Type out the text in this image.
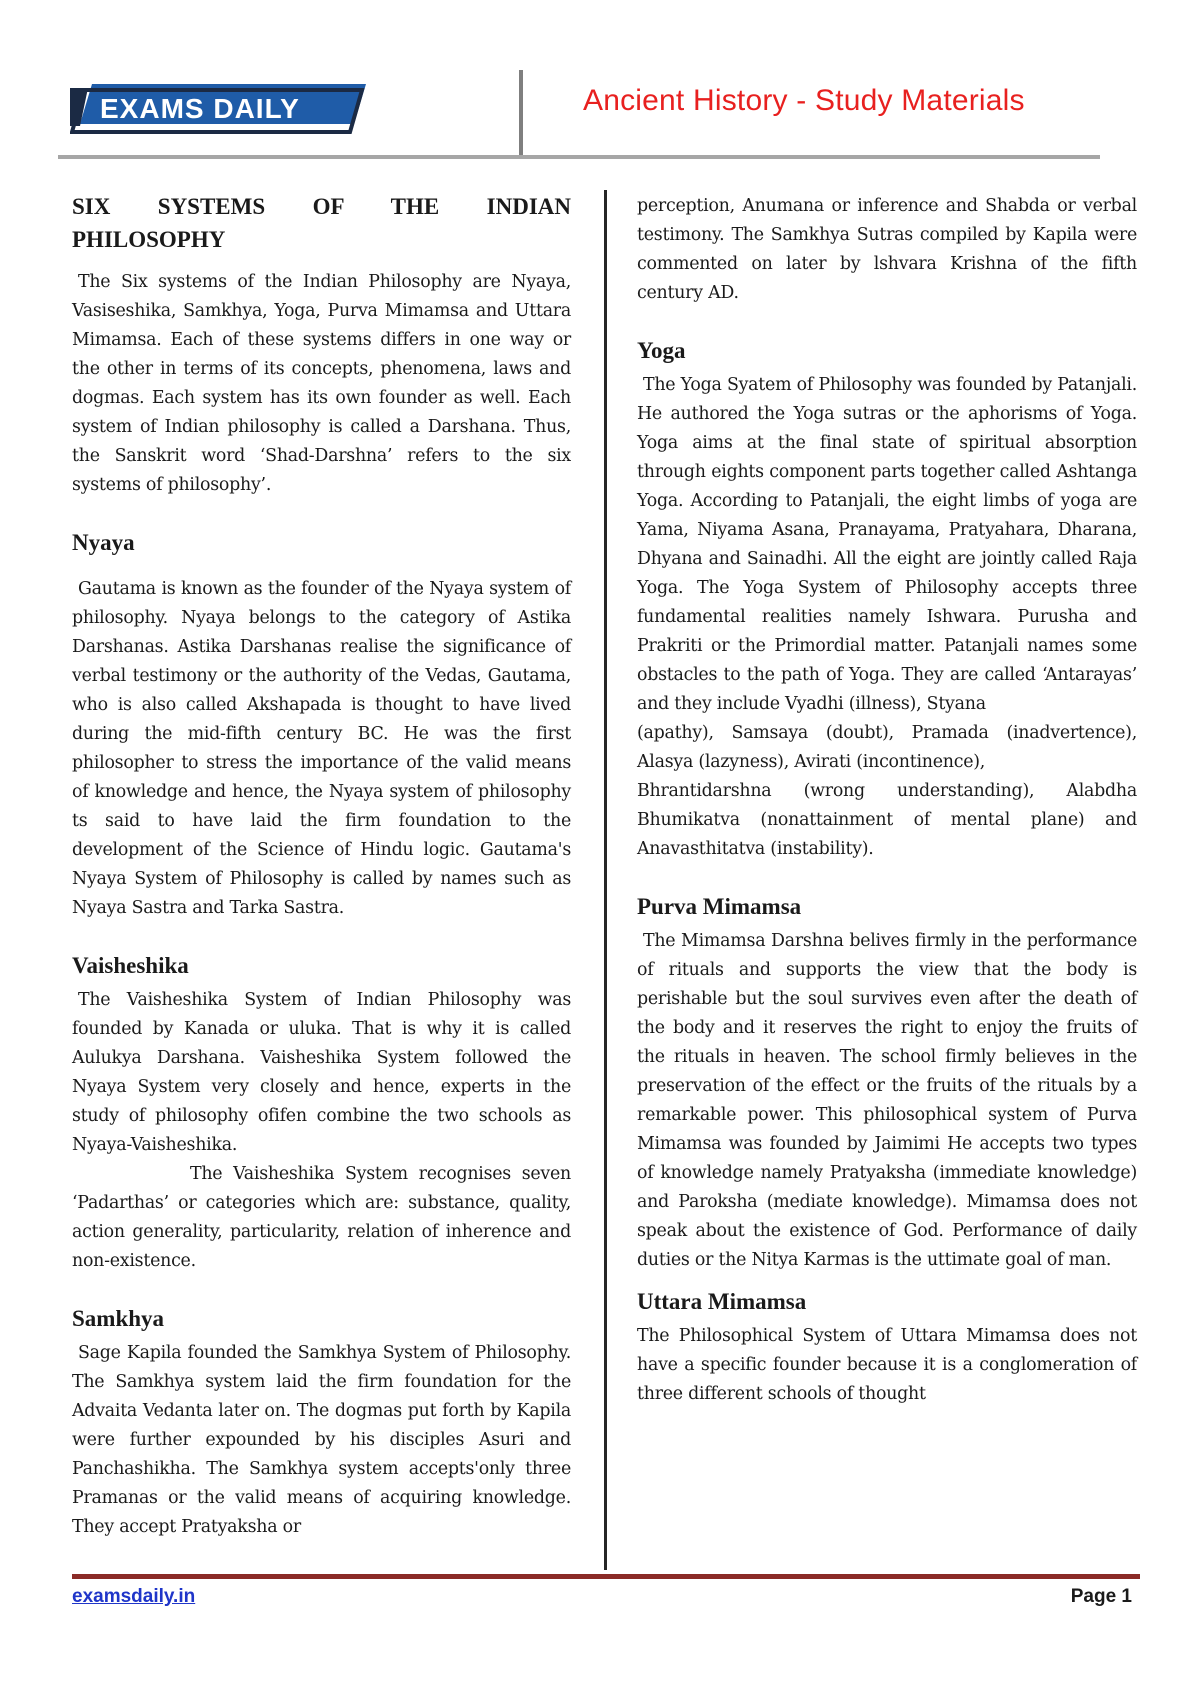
EXAMS DAILY	Ancient History - Study Materials
SIX SYSTEMS OF THE INDIAN PHILOSOPHY

The Six systems of the Indian Philosophy are Nyaya, Vasiseshika, Samkhya, Yoga, Purva Mimamsa and Uttara Mimamsa. Each of these systems differs in one way or the other in terms of its concepts, phenomena, laws and dogmas. Each system has its own founder as well. Each system of Indian philosophy is called a Darshana. Thus, the Sanskrit word ‘Shad-Darshna’ refers to the six systems of philosophy’.

Nyaya

Gautama is known as the founder of the Nyaya system of philosophy. Nyaya belongs to the category of Astika Darshanas. Astika Darshanas realise the significance of verbal testimony or the authority of the Vedas, Gautama, who is also called Akshapada is thought to have lived during the mid-fifth century BC. He was the first philosopher to stress the importance of the valid means of knowledge and hence, the Nyaya system of philosophy ts said to have laid the firm foundation to the development of the Science of Hindu logic. Gautama's Nyaya System of Philosophy is called by names such as Nyaya Sastra and Tarka Sastra.

Vaisheshika

The Vaisheshika System of Indian Philosophy was founded by Kanada or uluka. That is why it is called Aulukya Darshana. Vaisheshika System followed the Nyaya System very closely and hence, experts in the study of philosophy ofifen combine the two schools as Nyaya-Vaisheshika.

The Vaisheshika System recognises seven ‘Padarthas’ or categories which are: substance, quality, action generality, particularity, relation of inherence and non-existence.

Samkhya

Sage Kapila founded the Samkhya System of Philosophy. The Samkhya system laid the firm foundation for the Advaita Vedanta later on. The dogmas put forth by Kapila were further expounded by his disciples Asuri and Panchashikha. The Samkhya system accepts'only three Pramanas or the valid means of acquiring knowledge. They accept Pratyaksha or

perception, Anumana or inference and Shabda or verbal testimony. The Samkhya Sutras compiled by Kapila were commented on later by lshvara Krishna of the fifth century AD.

Yoga

The Yoga Syatem of Philosophy was founded by Patanjali. He authored the Yoga sutras or the aphorisms of Yoga. Yoga aims at the final state of spiritual absorption through eights component parts together called Ashtanga Yoga. According to Patanjali, the eight limbs of yoga are Yama, Niyama Asana, Pranayama, Pratyahara, Dharana, Dhyana and Sainadhi. All the eight are jointly called Raja Yoga. The Yoga System of Philosophy accepts three fundamental realities namely Ishwara. Purusha and Prakriti or the Primordial matter. Patanjali names some obstacles to the path of Yoga. They are called ‘Antarayas’ and they include Vyadhi (illness), Styana

(apathy), Samsaya (doubt), Pramada (inadvertence), Alasya (lazyness), Avirati (incontinence),

Bhrantidarshna (wrong understanding), Alabdha Bhumikatva (nonattainment of mental plane) and Anavasthitatva (instability).

Purva Mimamsa

The Mimamsa Darshna belives firmly in the performance of rituals and supports the view that the body is perishable but the soul survives even after the death of the body and it reserves the right to enjoy the fruits of the rituals in heaven. The school firmly believes in the preservation of the effect or the fruits of the rituals by a remarkable power. This philosophical system of Purva Mimamsa was founded by Jaimimi He accepts two types of knowledge namely Pratyaksha (immediate knowledge) and Paroksha (mediate knowledge). Mimamsa does not speak about the existence of God. Performance of daily duties or the Nitya Karmas is the uttimate goal of man.

Uttara Mimamsa

The Philosophical System of Uttara Mimamsa does not have a specific founder because it is a conglomeration of three different schools of thought

examsdaily.in	Page 1
